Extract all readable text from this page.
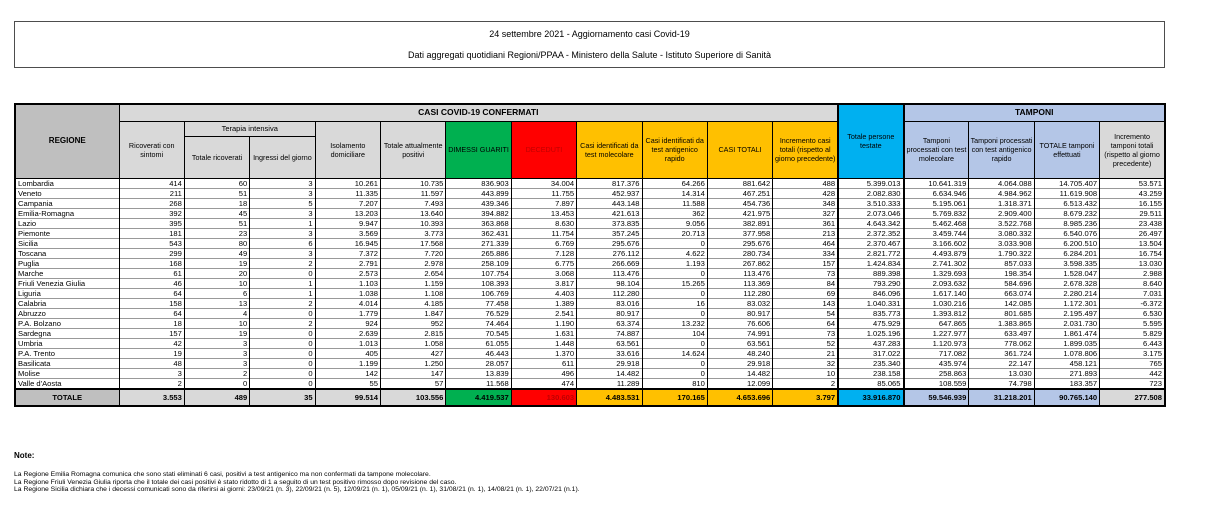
24 settembre 2021 - Aggiornamento casi Covid-19
Dati aggregati quotidiani Regioni/PPAA - Ministero della Salute - Istituto Superiore di Sanità
REGIONE	CASI COVID-19 CONFERMATI											Totale persone testate	TAMPONI			
	Ricoverati con sintomi	Terapia intensiva		Isolamento domiciliare	Totale attualmente positivi	DIMESSI GUARITI	DECEDUTI	Casi identificati da test molecolare	Casi identificati da test antigenico rapido	CASI TOTALI	Incremento casi totali (rispetto al giorno precedente)		Tamponi processati con test molecolare	Tamponi processati con test antigenico rapido	TOTALE tamponi effettuati	Incremento tamponi totali (rispetto al giorno precedente)
		Totale ricoverati	Ingressi del giorno													
Lombardia	414	60	3	10.261	10.735	836.903	34.004	817.376	64.266	881.642	488	5.399.013	10.641.319	4.064.088	14.705.407	53.571
Veneto	211	51	3	11.335	11.597	443.899	11.755	452.937	14.314	467.251	428	2.082.830	6.634.946	4.984.962	11.619.908	43.259
Campania	268	18	5	7.207	7.493	439.346	7.897	443.148	11.588	454.736	348	3.510.333	5.195.061	1.318.371	6.513.432	16.155
Emilia-Romagna	392	45	3	13.203	13.640	394.882	13.453	421.613	362	421.975	327	2.073.046	5.769.832	2.909.400	8.679.232	29.511
Lazio	395	51	1	9.947	10.393	363.868	8.630	373.835	9.056	382.891	361	4.643.342	5.462.468	3.522.768	8.985.236	23.438
Piemonte	181	23	3	3.569	3.773	362.431	11.754	357.245	20.713	377.958	213	2.372.352	3.459.744	3.080.332	6.540.076	26.497
Sicilia	543	80	6	16.945	17.568	271.339	6.769	295.676	0	295.676	464	2.370.467	3.166.602	3.033.908	6.200.510	13.504
Toscana	299	49	3	7.372	7.720	265.886	7.128	276.112	4.622	280.734	334	2.821.772	4.493.879	1.790.322	6.284.201	16.754
Puglia	168	19	2	2.791	2.978	258.109	6.775	266.669	1.193	267.862	157	1.424.834	2.741.302	857.033	3.598.335	13.030
Marche	61	20	0	2.573	2.654	107.754	3.068	113.476	0	113.476	73	889.398	1.329.693	198.354	1.528.047	2.988
Friuli Venezia Giulia	46	10	1	1.103	1.159	108.393	3.817	98.104	15.265	113.369	84	793.290	2.093.632	584.696	2.678.328	8.640
Liguria	64	6	1	1.038	1.108	106.769	4.403	112.280	0	112.280	69	846.096	1.617.140	663.074	2.280.214	7.031
Calabria	158	13	2	4.014	4.185	77.458	1.389	83.016	16	83.032	143	1.040.331	1.030.216	142.085	1.172.301	-6.372
Abruzzo	64	4	0	1.779	1.847	76.529	2.541	80.917	0	80.917	54	835.773	1.393.812	801.685	2.195.497	6.530
P.A. Bolzano	18	10	2	924	952	74.464	1.190	63.374	13.232	76.606	64	475.929	647.865	1.383.865	2.031.730	5.595
Sardegna	157	19	0	2.639	2.815	70.545	1.631	74.887	104	74.991	73	1.025.196	1.227.977	633.497	1.861.474	5.829
Umbria	42	3	0	1.013	1.058	61.055	1.448	63.561	0	63.561	52	437.283	1.120.973	778.062	1.899.035	6.443
P.A. Trento	19	3	0	405	427	46.443	1.370	33.616	14.624	48.240	21	317.022	717.082	361.724	1.078.806	3.175
Basilicata	48	3	0	1.199	1.250	28.057	611	29.918	0	29.918	32	235.340	435.974	22.147	458.121	765
Molise	3	2	0	142	147	13.839	496	14.482	0	14.482	10	238.158	258.863	13.030	271.893	442
Valle d'Aosta	2	0	0	55	57	11.568	474	11.289	810	12.099	2	85.065	108.559	74.798	183.357	723
TOTALE	3.553	489	35	99.514	103.556	4.419.537	130.603	4.483.531	170.165	4.653.696	3.797	33.916.870	59.546.939	31.218.201	90.765.140	277.508

Note:

La Regione Emilia Romagna comunica che sono stati eliminati 6 casi, positivi a test antigenico ma non confermati da tampone molecolare.

La Regione Friuli Venezia Giulia riporta che il totale dei casi positivi è stato ridotto di 1 a seguito di un test positivo rimosso dopo revisione del caso.

La Regione Sicilia dichiara che i decessi comunicati sono da riferirsi ai giorni: 23/09/21 (n. 3), 22/09/21 (n. 5), 12/09/21 (n. 1), 05/09/21 (n. 1), 31/08/21 (n. 1), 14/08/21 (n. 1), 22/07/21 (n.1).
